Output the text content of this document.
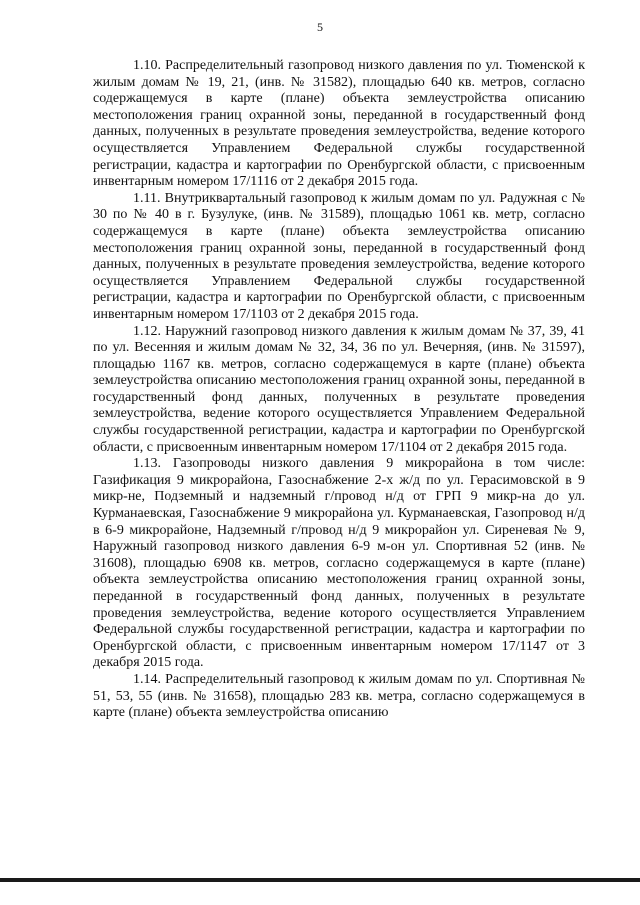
5

1.10. Распределительный газопровод низкого давления по ул. Тюменской к жилым домам № 19, 21, (инв. № 31582), площадью 640 кв. метров, согласно содержащемуся в карте (плане) объекта землеустройства описанию местоположения границ охранной зоны, переданной в государственный фонд данных, полученных в результате проведения землеустройства, ведение которого осуществляется Управлением Федеральной службы государственной регистрации, кадастра и картографии по Оренбургской области, с присвоенным инвентарным номером 17/1116 от 2 декабря 2015 года.

1.11. Внутриквартальный газопровод к жилым домам по ул. Радужная с № 30 по № 40 в г. Бузулуке, (инв. № 31589), площадью 1061 кв. метр, согласно содержащемуся в карте (плане) объекта землеустройства описанию местоположения границ охранной зоны, переданной в государственный фонд данных, полученных в результате проведения землеустройства, ведение которого осуществляется Управлением Федеральной службы государственной регистрации, кадастра и картографии по Оренбургской области, с присвоенным инвентарным номером 17/1103 от 2 декабря 2015 года.

1.12. Наружний газопровод низкого давления к жилым домам № 37, 39, 41 по ул. Весенняя и жилым домам № 32, 34, 36 по ул. Вечерняя, (инв. № 31597), площадью 1167 кв. метров, согласно содержащемуся в карте (плане) объекта землеустройства описанию местоположения границ охранной зоны, переданной в государственный фонд данных, полученных в результате проведения землеустройства, ведение которого осуществляется Управлением Федеральной службы государственной регистрации, кадастра и картографии по Оренбургской области, с присвоенным инвентарным номером 17/1104 от 2 декабря 2015 года.

1.13. Газопроводы низкого давления 9 микрорайона в том числе: Газификация 9 микрорайона, Газоснабжение 2-х ж/д по ул. Герасимовской в 9 микр-не, Подземный и надземный г/провод н/д от ГРП 9 микр-на до ул. Курманаевская, Газоснабжение 9 микрорайона ул. Курманаевская, Газопровод н/д в 6-9 микрорайоне, Надземный г/провод н/д 9 микрорайон ул. Сиреневая № 9, Наружный газопровод низкого давления 6-9 м-он ул. Спортивная 52 (инв. № 31608), площадью 6908 кв. метров, согласно содержащемуся в карте (плане) объекта землеустройства описанию местоположения границ охранной зоны, переданной в государственный фонд данных, полученных в результате проведения землеустройства, ведение которого осуществляется Управлением Федеральной службы государственной регистрации, кадастра и картографии по Оренбургской области, с присвоенным инвентарным номером 17/1147 от 3 декабря 2015 года.

1.14. Распределительный газопровод к жилым домам по ул. Спортивная № 51, 53, 55 (инв. № 31658), площадью 283 кв. метра, согласно содержащемуся в карте (плане) объекта землеустройства описанию
